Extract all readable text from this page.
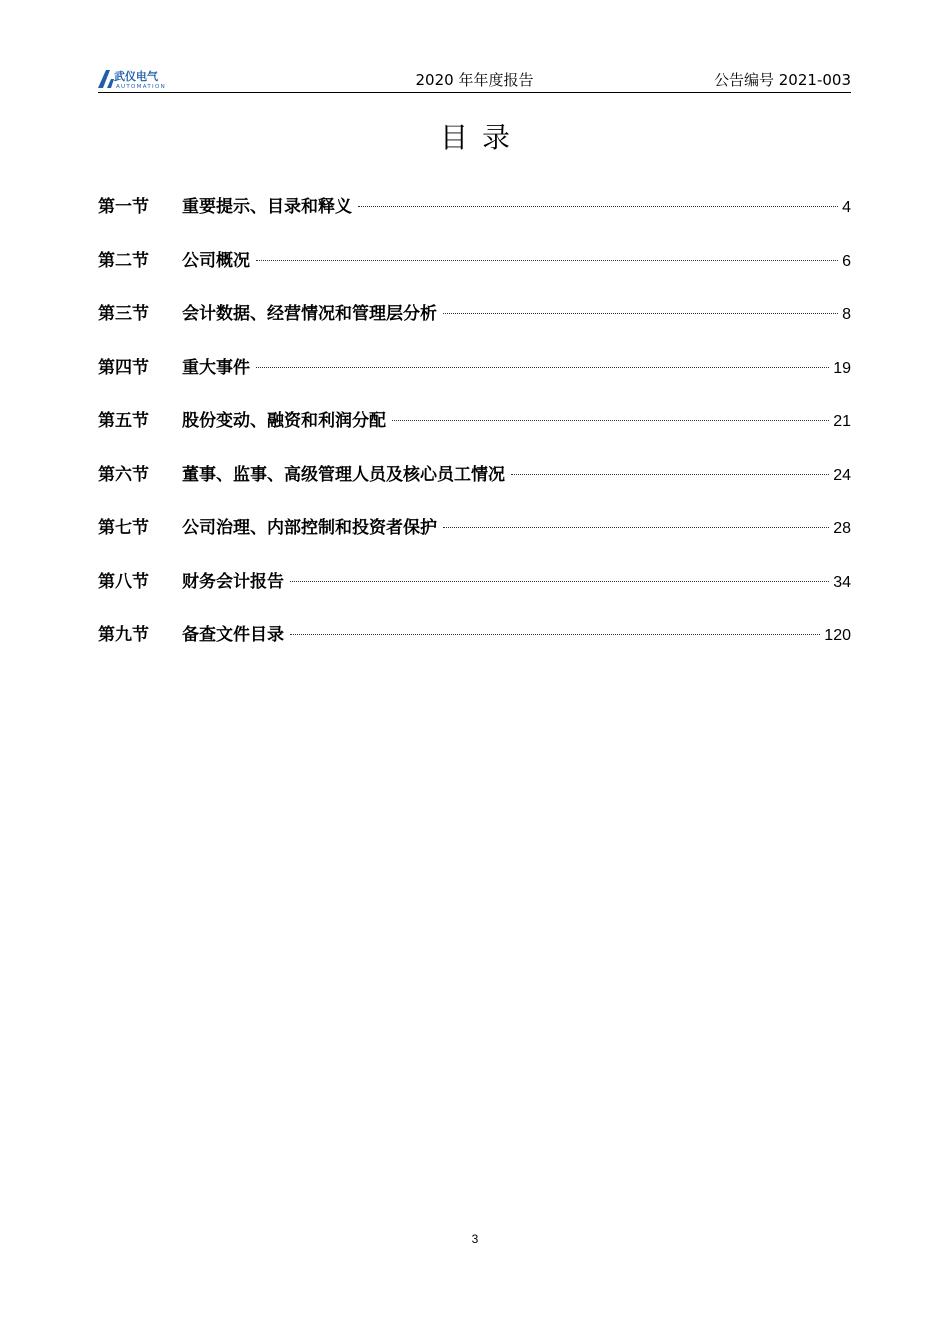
武仪电气
AUTOMATION	2020 年年度报告	公告编号 2021-003
目录
第一节	重要提示、目录和释义	4
第二节	公司概况	6
第三节	会计数据、经营情况和管理层分析	8
第四节	重大事件	19
第五节	股份变动、融资和利润分配	21
第六节	董事、监事、高级管理人员及核心员工情况	24
第七节	公司治理、内部控制和投资者保护	28
第八节	财务会计报告	34
第九节	备查文件目录	120
3
